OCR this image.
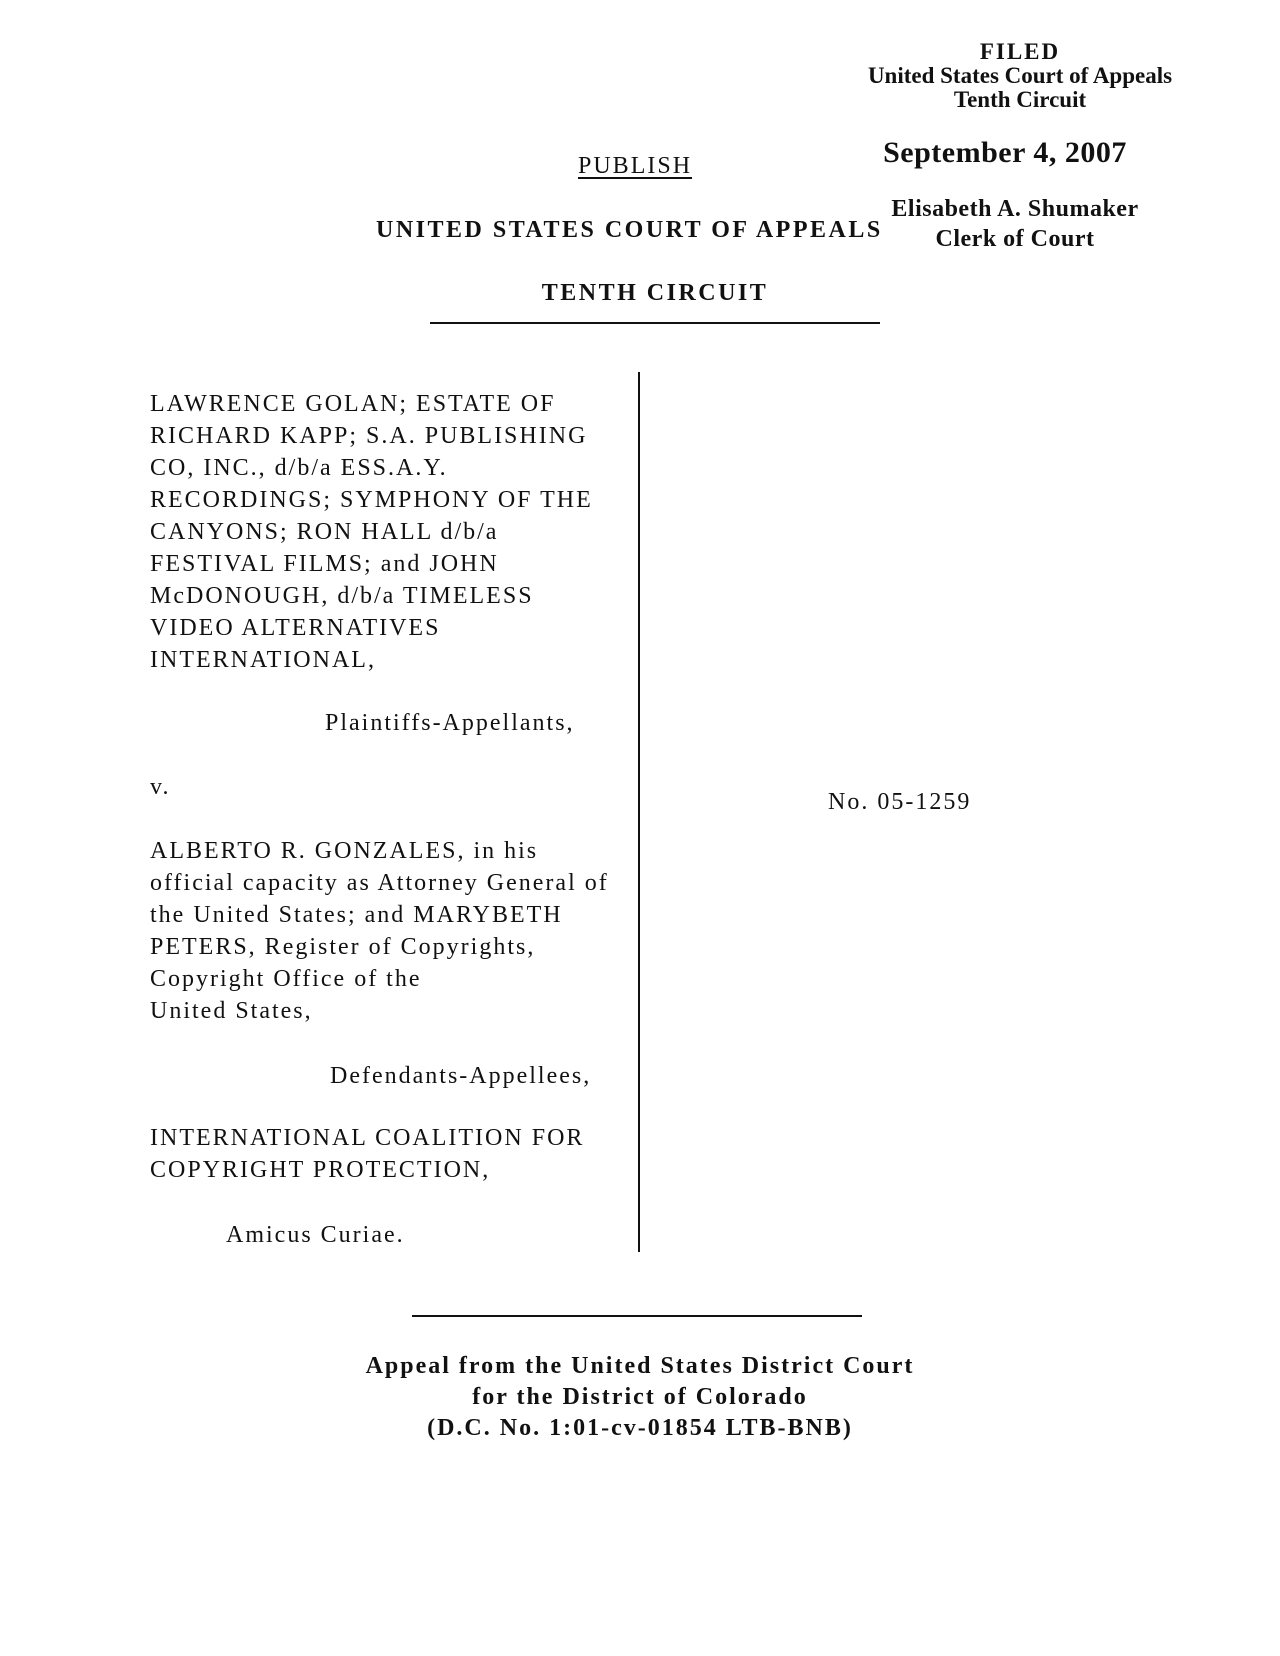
FILED
United States Court of Appeals
Tenth Circuit
September 4, 2007
Elisabeth A. Shumaker
Clerk of Court
PUBLISH
UNITED STATES COURT OF APPEALS
TENTH CIRCUIT
LAWRENCE GOLAN; ESTATE OF
RICHARD KAPP; S.A. PUBLISHING
CO, INC., d/b/a ESS.A.Y.
RECORDINGS; SYMPHONY OF THE
CANYONS; RON HALL d/b/a
FESTIVAL FILMS; and JOHN
McDONOUGH, d/b/a TIMELESS
VIDEO ALTERNATIVES
INTERNATIONAL,
Plaintiffs-Appellants,
v.
ALBERTO R. GONZALES, in his
official capacity as Attorney General of
the United States; and MARYBETH
PETERS, Register of Copyrights,
Copyright Office of the
United States,
Defendants-Appellees,
INTERNATIONAL COALITION FOR
COPYRIGHT PROTECTION,
Amicus Curiae.
No. 05-1259
Appeal from the United States District Court
for the District of Colorado
(D.C. No. 1:01-cv-01854 LTB-BNB)
